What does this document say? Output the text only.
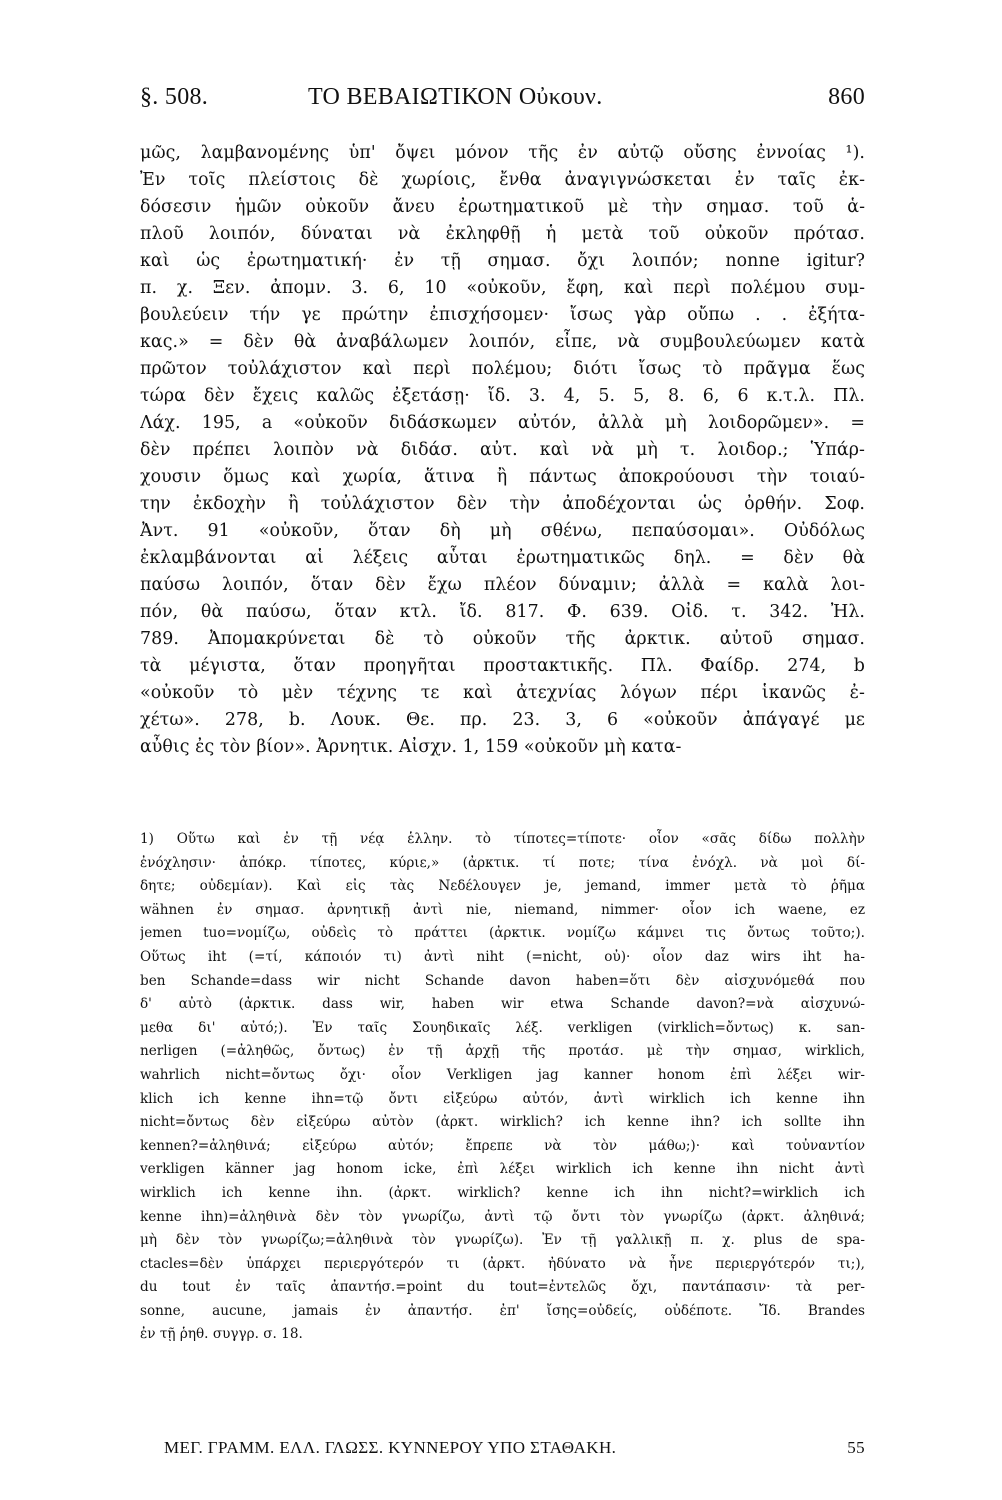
§. 508.	ΤΟ ΒΕΒΑΙΩΤΙΚΟΝ Οὐκουν.	860
μῶς, λαμβανομένης ὑπ' ὄψει μόνον τῆς ἐν αὐτῷ οὔσης ἐννοίας ¹).
Ἐν τοῖς πλείστοις δὲ χωρίοις, ἔνθα ἀναγιγνώσκεται ἐν ταῖς ἐκ-
δόσεσιν ἡμῶν οὐκοῦν ἄνευ ἐρωτηματικοῦ μὲ τὴν σημασ. τοῦ ἁ-
πλοῦ λοιπόν, δύναται νὰ ἐκληφθῇ ἡ μετὰ τοῦ οὐκοῦν πρότασ.
καὶ ὡς ἐρωτηματική· ἐν τῇ σημασ. ὄχι λοιπόν; nonne igitur?
π. χ. Ξεν. ἀπομν. 3. 6, 10 «οὐκοῦν, ἔφη, καὶ περὶ πολέμου συμ-
βουλεύειν τήν γε πρώτην ἐπισχήσομεν· ἴσως γὰρ οὔπω . . ἐξήτα-
κας.» = δὲν θὰ ἀναβάλωμεν λοιπόν, εἶπε, νὰ συμβουλεύωμεν κατὰ
πρῶτον τοὐλάχιστον καὶ περὶ πολέμου; διότι ἴσως τὸ πρᾶγμα ἕως
τώρα δὲν ἔχεις καλῶς ἐξετάσῃ· ἴδ. 3. 4, 5. 5, 8. 6, 6 κ.τ.λ. Πλ.
Λάχ. 195, a «οὐκοῦν διδάσκωμεν αὐτόν, ἀλλὰ μὴ λοιδορῶμεν». =
δὲν πρέπει λοιπὸν νὰ διδάσ. αὐτ. καὶ νὰ μὴ τ. λοιδορ.; Ὑπάρ-
χουσιν ὅμως καὶ χωρία, ἅτινα ἢ πάντως ἀποκρούουσι τὴν τοιαύ-
την ἐκδοχὴν ἢ τοὐλάχιστον δὲν τὴν ἀποδέχονται ὡς ὀρθήν. Σοφ.
Ἀντ. 91 «οὐκοῦν, ὅταν δὴ μὴ σθένω, πεπαύσομαι». Οὐδόλως
ἐκλαμβάνονται αἱ λέξεις αὗται ἐρωτηματικῶς δηλ. = δὲν θὰ
παύσω λοιπόν, ὅταν δὲν ἔχω πλέον δύναμιν; ἀλλὰ = καλὰ λοι-
πόν, θὰ παύσω, ὅταν κτλ. ἴδ. 817. Φ. 639. Οἰδ. τ. 342. Ἠλ.
789. Ἀπομακρύνεται δὲ τὸ οὐκοῦν τῆς ἀρκτικ. αὐτοῦ σημασ.
τὰ μέγιστα, ὅταν προηγῆται προστακτικῆς. Πλ. Φαίδρ. 274, b
«οὐκοῦν τὸ μὲν τέχνης τε καὶ ἀτεχνίας λόγων πέρι ἱκανῶς ἐ-
χέτω». 278, b. Λουκ. Θε. πρ. 23. 3, 6 «οὐκοῦν ἀπάγαγέ με
αὖθις ἐς τὸν βίον». Ἀρνητικ. Αἰσχν. 1, 159 «οὐκοῦν μὴ κατα-
1) Οὕτω καὶ ἐν τῇ νέᾳ ἑλλην. τὸ τίποτες=τίποτε· οἷον «σᾶς δίδω πολλὴν
ἐνόχλησιν· ἀπόκρ. τίποτες, κύριε,» (ἀρκτικ. τί ποτε; τίνα ἐνόχλ. νὰ μοὶ δί-
δητε; οὐδεμίαν). Καὶ εἰς τὰς Νεδέλουγεν je, jemand, immer μετὰ τὸ ῥῆμα
wähnen ἐν σημασ. ἀρνητικῇ ἀντὶ nie, niemand, nimmer· οἷον ich waene, ez
jemen tuo=νομίζω, οὐδεὶς τὸ πράττει (ἀρκτικ. νομίζω κάμνει τις ὄντως τοῦτο;).
Οὕτως iht (=τί, κάποιόν τι) ἀντὶ niht (=nicht, οὐ)· οἷον daz wirs iht ha-
ben Schande=dass wir nicht Schande davon haben=ὅτι δὲν αἰσχυνόμεθά που
δ' αὐτὸ (ἀρκτικ. dass wir, haben wir etwa Schande davon?=νὰ αἰσχυνώ-
μεθα δι' αὐτό;). Ἐν ταῖς Σουηδικαῖς λέξ. verkligen (virklich=ὄντως) κ. san-
nerligen (=ἀληθῶς, ὄντως) ἐν τῇ ἀρχῇ τῆς προτάσ. μὲ τὴν σημασ, wirklich,
wahrlich nicht=ὄντως ὄχι· οἷον Verkligen jag kanner honom ἐπὶ λέξει wir-
klich ich kenne ihn=τῷ ὄντι εἰξεύρω αὐτόν, ἀντὶ wirklich ich kenne ihn
nicht=ὄντως δὲν εἰξεύρω αὐτὸν (ἀρκτ. wirklich? ich kenne ihn? ich sollte ihn
kennen?=ἀληθινά; εἰξεύρω αὐτόν; ἔπρεπε νὰ τὸν μάθω;)· καὶ τοὐναντίον
verkligen känner jag honom icke, ἐπὶ λέξει wirklich ich kenne ihn nicht ἀντὶ
wirklich ich kenne ihn. (ἀρκτ. wirklich? kenne ich ihn nicht?=wirklich ich
kenne ihn)=ἀληθινὰ δὲν τὸν γνωρίζω, ἀντὶ τῷ ὄντι τὸν γνωρίζω (ἀρκτ. ἀληθινά;
μὴ δὲν τὸν γνωρίζω;=ἀληθινὰ τὸν γνωρίζω). Ἐν τῇ γαλλικῇ π. χ. plus de spa-
ctacles=δὲν ὑπάρχει περιεργότερόν τι (ἀρκτ. ἠδύνατο νὰ ἦνε περιεργότερόν τι;),
du tout ἐν ταῖς ἀπαντήσ.=point du tout=ἐντελῶς ὄχι, παντάπασιν· τὰ per-
sonne, aucune, jamais ἐν ἀπαντήσ. ἐπ' ἴσης=οὐδείς, οὐδέποτε. Ἴδ. Brandes
ἐν τῇ ῥηθ. συγγρ. σ. 18.
ΜΕΓ. ΓΡΑΜΜ. ΕΛΛ. ΓΛΩΣΣ. ΚΥΝΝΕΡΟΥ ΥΠΟ ΣΤΑΘΑΚΗ.	55
